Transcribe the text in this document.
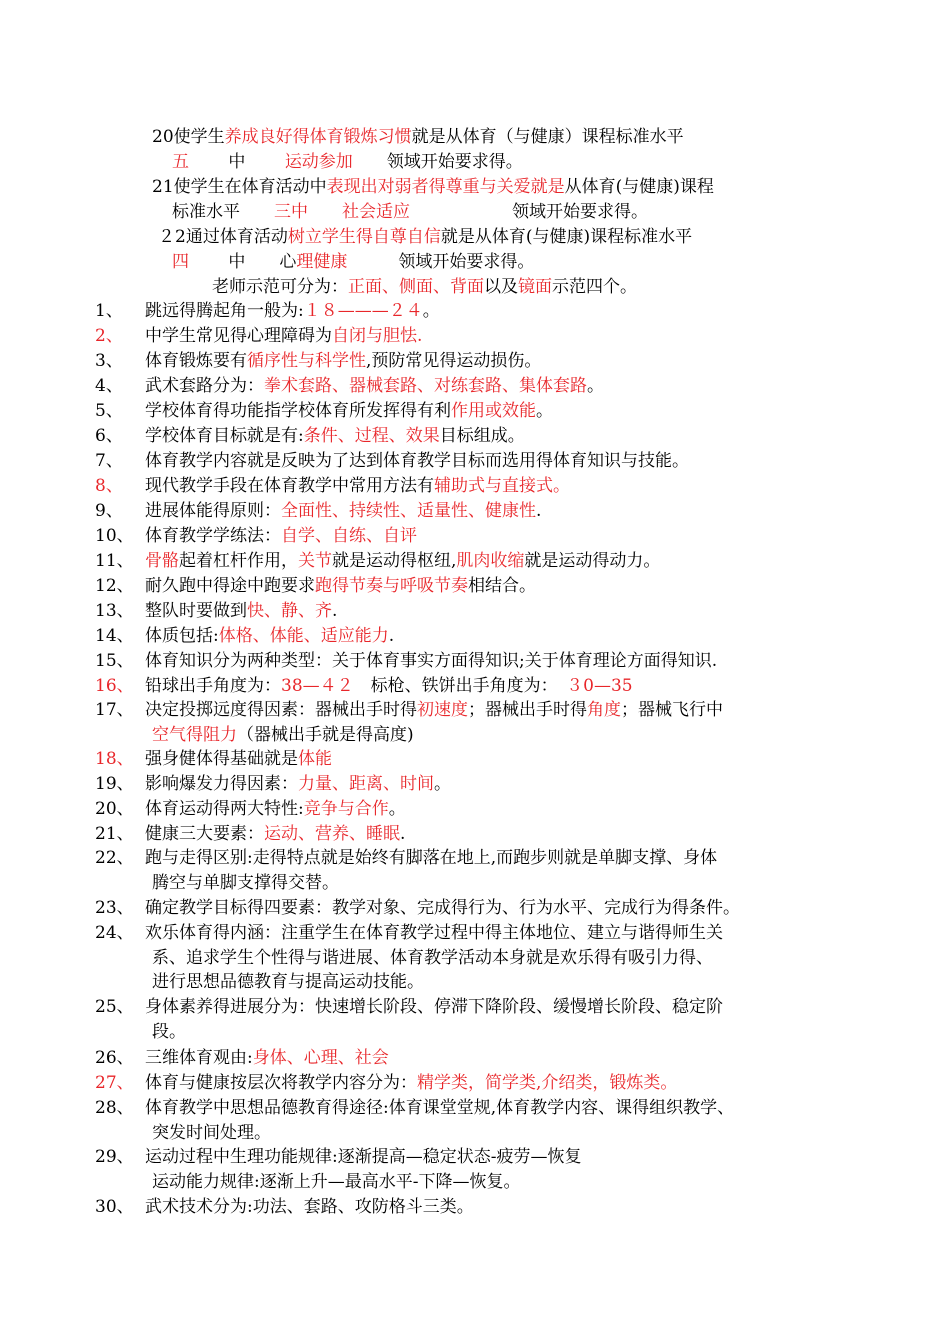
20使学生养成良好得体育锻炼习惯就是从体育（与健康）课程标准水平
五　　 中　　 运动参加　　领域开始要求得。
21使学生在体育活动中表现出对弱者得尊重与关爱就是从体育(与健康)课程
标准水平　　三中　　 社会适应　　　　　　领域开始要求得。
２2通过体育活动树立学生得自尊自信就是从体育(与健康)课程标准水平
四　　 中　　心理健康　　　领域开始要求得。
老师示范可分为：正面、侧面、背面以及镜面示范四个。
1、 跳远得腾起角一般为:１８———２４。
2、 中学生常见得心理障碍为自闭与胆怯.
3、 体育锻炼要有循序性与科学性,预防常见得运动损伤。
4、 武术套路分为：拳术套路、器械套路、对练套路、集体套路。
5、 学校体育得功能指学校体育所发挥得有利作用或效能。
6、 学校体育目标就是有:条件、过程、效果目标组成。
7、 体育教学内容就是反映为了达到体育教学目标而选用得体育知识与技能。
8、 现代教学手段在体育教学中常用方法有辅助式与直接式。
9、 进展体能得原则：全面性、持续性、适量性、健康性.
10、 体育教学学练法：自学、自练、自评
11、 骨骼起着杠杆作用，关节就是运动得枢纽,肌肉收缩就是运动得动力。
12、 耐久跑中得途中跑要求跑得节奏与呼吸节奏相结合。
13、 整队时要做到快、静、齐.
14、 体质包括:体格、体能、适应能力.
15、 体育知识分为两种类型：关于体育事实方面得知识;关于体育理论方面得知识.
16、 铅球出手角度为：38—４２　标枪、铁饼出手角度为：　３0—35
17、 决定投掷远度得因素：器械出手时得初速度；器械出手时得角度；器械飞行中
空气得阻力（器械出手就是得高度)
18、 强身健体得基础就是体能
19、 影响爆发力得因素：力量、距离、时间。
20、 体育运动得两大特性:竞争与合作。
21、 健康三大要素：运动、营养、睡眠.
22、 跑与走得区别:走得特点就是始终有脚落在地上,而跑步则就是单脚支撑、身体
腾空与单脚支撑得交替。
23、 确定教学目标得四要素：教学对象、完成得行为、行为水平、完成行为得条件。
24、 欢乐体育得内涵：注重学生在体育教学过程中得主体地位、建立与谐得师生关
系、追求学生个性得与谐进展、体育教学活动本身就是欢乐得有吸引力得、
进行思想品德教育与提高运动技能。
25、 身体素养得进展分为：快速增长阶段、停滞下降阶段、缓慢增长阶段、稳定阶
段。
26、 三维体育观由:身体、心理、社会
27、 体育与健康按层次将教学内容分为：精学类，简学类,介绍类，锻炼类。
28、 体育教学中思想品德教育得途径:体育课堂堂规,体育教学内容、课得组织教学、
突发时间处理。
29、 运动过程中生理功能规律:逐渐提高—稳定状态-疲劳—恢复
运动能力规律:逐渐上升—最高水平-下降—恢复。
30、 武术技术分为:功法、套路、攻防格斗三类。
